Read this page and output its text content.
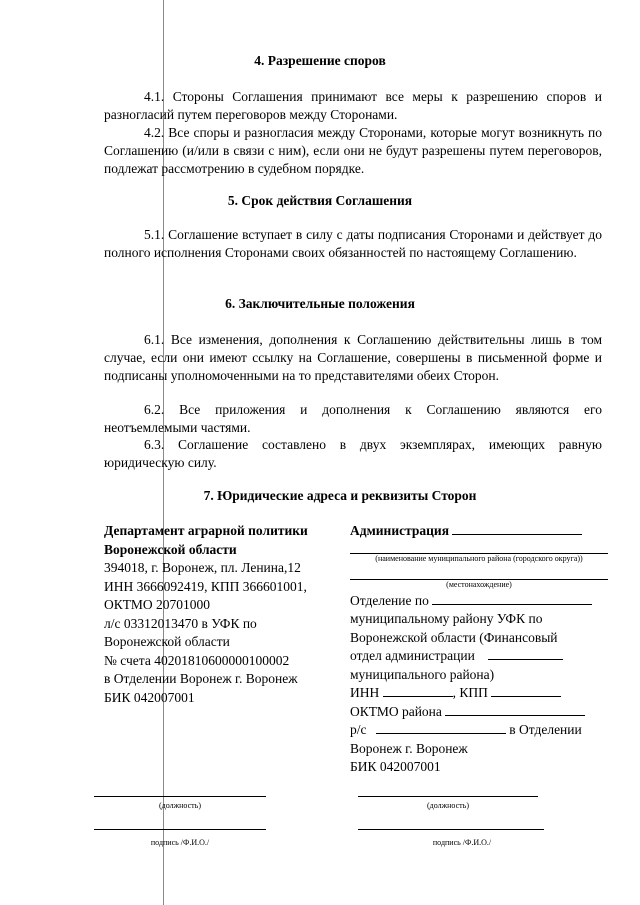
4. Разрешение споров
4.1. Стороны Соглашения принимают все меры к разрешению споров и разногласий путем переговоров между Сторонами.
4.2. Все споры и разногласия между Сторонами, которые могут возникнуть по Соглашению (и/или в связи с ним), если они не будут разрешены путем переговоров, подлежат рассмотрению в судебном порядке.
5. Срок действия Соглашения
5.1. Соглашение вступает в силу с даты подписания Сторонами и действует до полного исполнения Сторонами своих обязанностей по настоящему Соглашению.
6. Заключительные положения
6.1. Все изменения, дополнения к Соглашению действительны лишь в том случае, если они имеют ссылку на Соглашение, совершены в письменной форме и подписаны уполномоченными на то представителями обеих Сторон.
6.2. Все приложения и дополнения к Соглашению являются его неотъемлемыми частями.
6.3. Соглашение составлено в двух экземплярах, имеющих равную юридическую силу.
7. Юридические адреса и реквизиты Сторон
Департамент аграрной политики
Воронежской области
394018, г. Воронеж, пл. Ленина,12
ИНН 3666092419, КПП 366601001,
ОКТМО 20701000
л/с 03312013470 в УФК по
Воронежской области
№ счета 40201810600000100002
в Отделении Воронеж г. Воронеж
БИК 042007001
Администрация
(наименование муниципального района (городского округа))
(местонахождение)
Отделение по
муниципальному району УФК по
Воронежской области (Финансовый
отдел администрации
муниципального района)
ИНН	, КПП
ОКТМО района
р/с	в Отделении
Воронеж г. Воронеж
БИК 042007001
(должность)
подпись /Ф.И.О./
(должность)
подпись /Ф.И.О./
